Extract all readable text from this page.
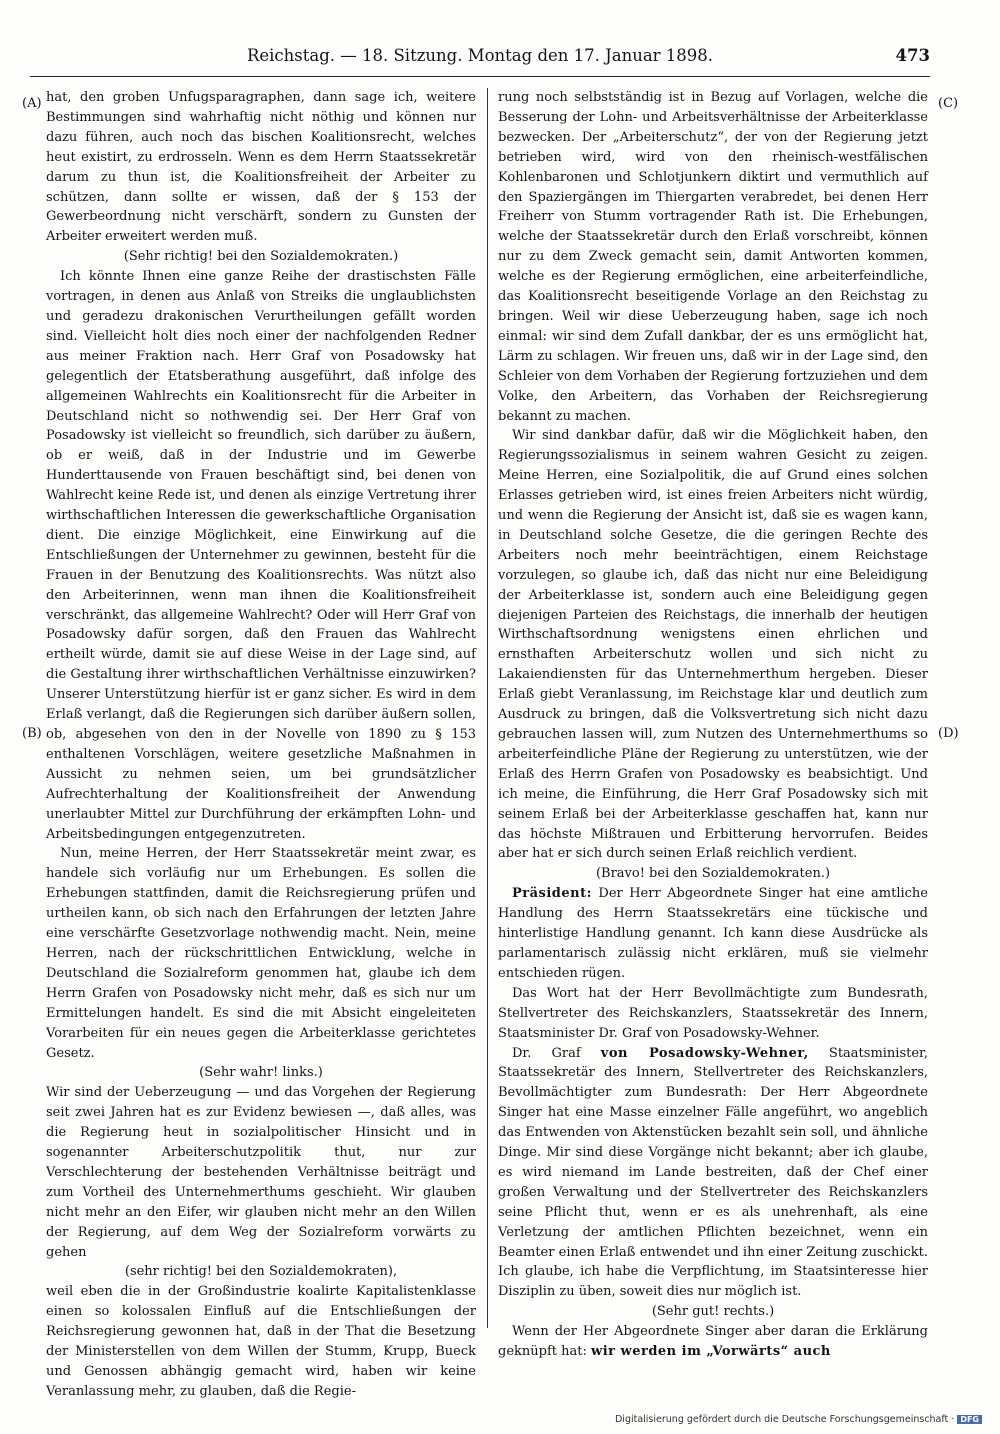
Reichstag. — 18. Sitzung. Montag den 17. Januar 1898.	473
(A)
(B)
(C)
(D)

hat, den groben Unfugsparagraphen, dann sage ich, weitere Bestimmungen sind wahrhaftig nicht nöthig und können nur dazu führen, auch noch das bischen Koalitionsrecht, welches heut existirt, zu erdrosseln. Wenn es dem Herrn Staatssekretär darum zu thun ist, die Koalitionsfreiheit der Arbeiter zu schützen, dann sollte er wissen, daß der § 153 der Gewerbeordnung nicht verschärft, sondern zu Gunsten der Arbeiter erweitert werden muß.

(Sehr richtig! bei den Sozialdemokraten.)

Ich könnte Ihnen eine ganze Reihe der drastischsten Fälle vortragen, in denen aus Anlaß von Streiks die unglaublichsten und geradezu drakonischen Verurtheilungen gefällt worden sind. Vielleicht holt dies noch einer der nachfolgenden Redner aus meiner Fraktion nach. Herr Graf von Posadowsky hat gelegentlich der Etatsberathung ausgeführt, daß infolge des allgemeinen Wahlrechts ein Koalitionsrecht für die Arbeiter in Deutschland nicht so nothwendig sei. Der Herr Graf von Posadowsky ist vielleicht so freundlich, sich darüber zu äußern, ob er weiß, daß in der Industrie und im Gewerbe Hunderttausende von Frauen beschäftigt sind, bei denen von Wahlrecht keine Rede ist, und denen als einzige Vertretung ihrer wirthschaftlichen Interessen die gewerkschaftliche Organisation dient. Die einzige Möglichkeit, eine Einwirkung auf die Entschließungen der Unternehmer zu gewinnen, besteht für die Frauen in der Benutzung des Koalitionsrechts. Was nützt also den Arbeiterinnen, wenn man ihnen die Koalitionsfreiheit verschränkt, das allgemeine Wahlrecht? Oder will Herr Graf von Posadowsky dafür sorgen, daß den Frauen das Wahlrecht ertheilt würde, damit sie auf diese Weise in der Lage sind, auf die Gestaltung ihrer wirthschaftlichen Verhältnisse einzuwirken? Unserer Unterstützung hierfür ist er ganz sicher. Es wird in dem Erlaß verlangt, daß die Regierungen sich darüber äußern sollen, ob, abgesehen von den in der Novelle von 1890 zu § 153 enthaltenen Vorschlägen, weitere gesetzliche Maßnahmen in Aussicht zu nehmen seien, um bei grundsätzlicher Aufrechterhaltung der Koalitionsfreiheit der Anwendung unerlaubter Mittel zur Durchführung der erkämpften Lohn- und Arbeitsbedingungen entgegenzutreten.

Nun, meine Herren, der Herr Staatssekretär meint zwar, es handele sich vorläufig nur um Erhebungen. Es sollen die Erhebungen stattfinden, damit die Reichsregierung prüfen und urtheilen kann, ob sich nach den Erfahrungen der letzten Jahre eine verschärfte Gesetzvorlage nothwendig macht. Nein, meine Herren, nach der rückschrittlichen Entwicklung, welche in Deutschland die Sozialreform genommen hat, glaube ich dem Herrn Grafen von Posadowsky nicht mehr, daß es sich nur um Ermittelungen handelt. Es sind die mit Absicht eingeleiteten Vorarbeiten für ein neues gegen die Arbeiterklasse gerichtetes Gesetz.

(Sehr wahr! links.)

Wir sind der Ueberzeugung — und das Vorgehen der Regierung seit zwei Jahren hat es zur Evidenz bewiesen —, daß alles, was die Regierung heut in sozialpolitischer Hinsicht und in sogenannter Arbeiterschutzpolitik thut, nur zur Verschlechterung der bestehenden Verhältnisse beiträgt und zum Vortheil des Unternehmerthums geschieht. Wir glauben nicht mehr an den Eifer, wir glauben nicht mehr an den Willen der Regierung, auf dem Weg der Sozialreform vorwärts zu gehen

(sehr richtig! bei den Sozialdemokraten),

weil eben die in der Großindustrie koalirte Kapitalistenklasse einen so kolossalen Einfluß auf die Entschließungen der Reichsregierung gewonnen hat, daß in der That die Besetzung der Ministerstellen von dem Willen der Stumm, Krupp, Bueck und Genossen abhängig gemacht wird, haben wir keine Veranlassung mehr, zu glauben, daß die Regie-

rung noch selbstständig ist in Bezug auf Vorlagen, welche die Besserung der Lohn- und Arbeitsverhältnisse der Arbeiterklasse bezwecken. Der „Arbeiterschutz“, der von der Regierung jetzt betrieben wird, wird von den rheinisch-westfälischen Kohlenbaronen und Schlotjunkern diktirt und vermuthlich auf den Spaziergängen im Thiergarten verabredet, bei denen Herr Freiherr von Stumm vortragender Rath ist. Die Erhebungen, welche der Staatssekretär durch den Erlaß vorschreibt, können nur zu dem Zweck gemacht sein, damit Antworten kommen, welche es der Regierung ermöglichen, eine arbeiterfeindliche, das Koalitionsrecht beseitigende Vorlage an den Reichstag zu bringen. Weil wir diese Ueberzeugung haben, sage ich noch einmal: wir sind dem Zufall dankbar, der es uns ermöglicht hat, Lärm zu schlagen. Wir freuen uns, daß wir in der Lage sind, den Schleier von dem Vorhaben der Regierung fortzuziehen und dem Volke, den Arbeitern, das Vorhaben der Reichsregierung bekannt zu machen.

Wir sind dankbar dafür, daß wir die Möglichkeit haben, den Regierungssozialismus in seinem wahren Gesicht zu zeigen. Meine Herren, eine Sozialpolitik, die auf Grund eines solchen Erlasses getrieben wird, ist eines freien Arbeiters nicht würdig, und wenn die Regierung der Ansicht ist, daß sie es wagen kann, in Deutschland solche Gesetze, die die geringen Rechte des Arbeiters noch mehr beeinträchtigen, einem Reichstage vorzulegen, so glaube ich, daß das nicht nur eine Beleidigung der Arbeiterklasse ist, sondern auch eine Beleidigung gegen diejenigen Parteien des Reichstags, die innerhalb der heutigen Wirthschaftsordnung wenigstens einen ehrlichen und ernsthaften Arbeiterschutz wollen und sich nicht zu Lakaiendiensten für das Unternehmerthum hergeben. Dieser Erlaß giebt Veranlassung, im Reichstage klar und deutlich zum Ausdruck zu bringen, daß die Volksvertretung sich nicht dazu gebrauchen lassen will, zum Nutzen des Unternehmerthums so arbeiterfeindliche Pläne der Regierung zu unterstützen, wie der Erlaß des Herrn Grafen von Posadowsky es beabsichtigt. Und ich meine, die Einführung, die Herr Graf Posadowsky sich mit seinem Erlaß bei der Arbeiterklasse geschaffen hat, kann nur das höchste Mißtrauen und Erbitterung hervorrufen. Beides aber hat er sich durch seinen Erlaß reichlich verdient.

(Bravo! bei den Sozialdemokraten.)

Präsident: Der Herr Abgeordnete Singer hat eine amtliche Handlung des Herrn Staatssekretärs eine tückische und hinterlistige Handlung genannt. Ich kann diese Ausdrücke als parlamentarisch zulässig nicht erklären, muß sie vielmehr entschieden rügen.

Das Wort hat der Herr Bevollmächtigte zum Bundesrath, Stellvertreter des Reichskanzlers, Staatssekretär des Innern, Staatsminister Dr. Graf von Posadowsky-Wehner.

Dr. Graf von Posadowsky-Wehner, Staatsminister, Staatssekretär des Innern, Stellvertreter des Reichskanzlers, Bevollmächtigter zum Bundesrath: Der Herr Abgeordnete Singer hat eine Masse einzelner Fälle angeführt, wo angeblich das Entwenden von Aktenstücken bezahlt sein soll, und ähnliche Dinge. Mir sind diese Vorgänge nicht bekannt; aber ich glaube, es wird niemand im Lande bestreiten, daß der Chef einer großen Verwaltung und der Stellvertreter des Reichskanzlers seine Pflicht thut, wenn er es als unehrenhaft, als eine Verletzung der amtlichen Pflichten bezeichnet, wenn ein Beamter einen Erlaß entwendet und ihn einer Zeitung zuschickt. Ich glaube, ich habe die Verpflichtung, im Staatsinteresse hier Disziplin zu üben, soweit dies nur möglich ist.

(Sehr gut! rechts.)

Wenn der Her Abgeordnete Singer aber daran die Erklärung geknüpft hat: wir werden im „Vorwärts“ auch

Digitalisierung gefördert durch die Deutsche Forschungsgemeinschaft · DFG
